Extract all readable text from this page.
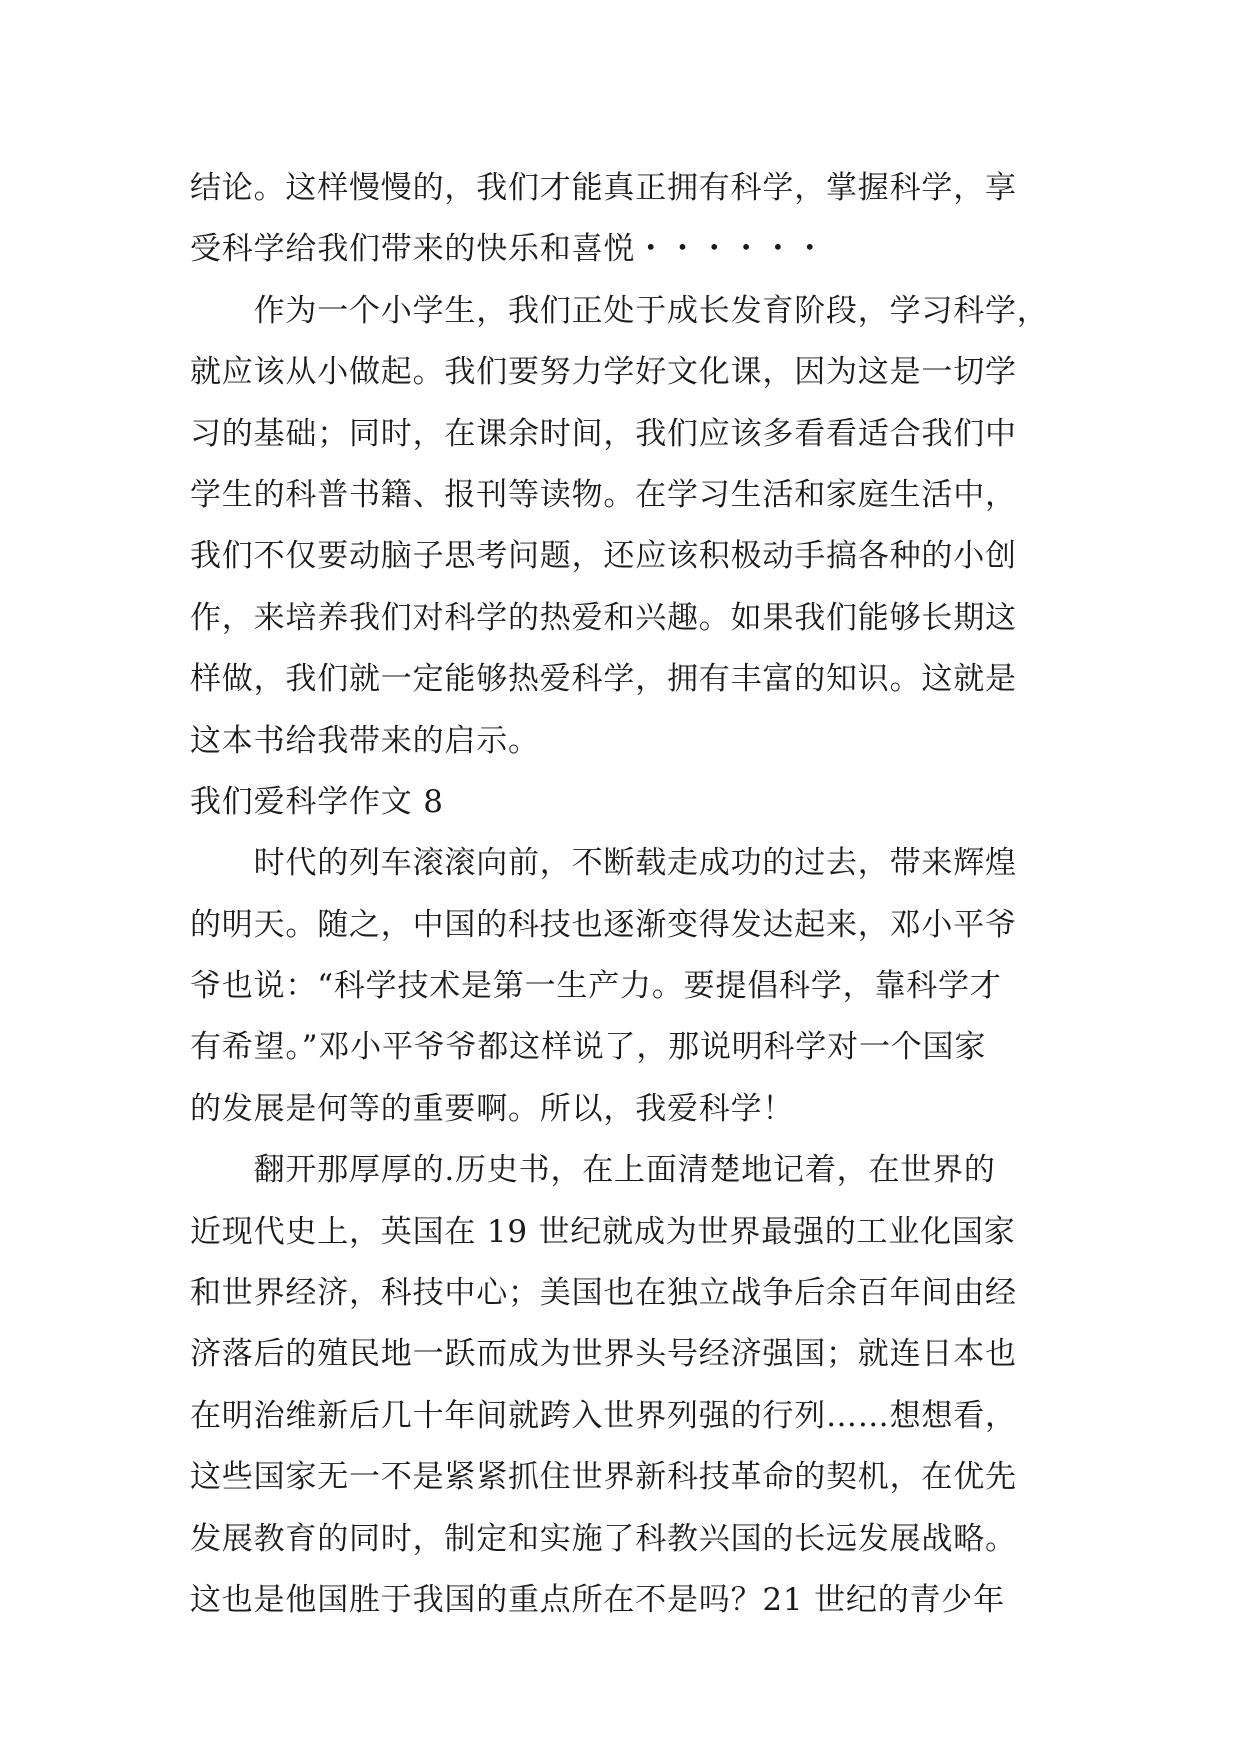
结论。这样慢慢的，我们才能真正拥有科学，掌握科学，享
受科学给我们带来的快乐和喜悦・・・・・・
　　作为一个小学生，我们正处于成长发育阶段，学习科学，
就应该从小做起。我们要努力学好文化课，因为这是一切学
习的基础；同时，在课余时间，我们应该多看看适合我们中
学生的科普书籍、报刊等读物。在学习生活和家庭生活中，
我们不仅要动脑子思考问题，还应该积极动手搞各种的小创
作，来培养我们对科学的热爱和兴趣。如果我们能够长期这
样做，我们就一定能够热爱科学，拥有丰富的知识。这就是
这本书给我带来的启示。
我们爱科学作文 8
　　时代的列车滚滚向前，不断载走成功的过去，带来辉煌
的明天。随之，中国的科技也逐渐变得发达起来，邓小平爷
爷也说：“科学技术是第一生产力。要提倡科学，靠科学才
有希望。”邓小平爷爷都这样说了，那说明科学对一个国家
的发展是何等的重要啊。所以，我爱科学！
　　翻开那厚厚的.历史书，在上面清楚地记着，在世界的
近现代史上，英国在 19 世纪就成为世界最强的工业化国家
和世界经济，科技中心；美国也在独立战争后余百年间由经
济落后的殖民地一跃而成为世界头号经济强国；就连日本也
在明治维新后几十年间就跨入世界列强的行列……想想看，
这些国家无一不是紧紧抓住世界新科技革命的契机，在优先
发展教育的同时，制定和实施了科教兴国的长远发展战略。
这也是他国胜于我国的重点所在不是吗？21 世纪的青少年
